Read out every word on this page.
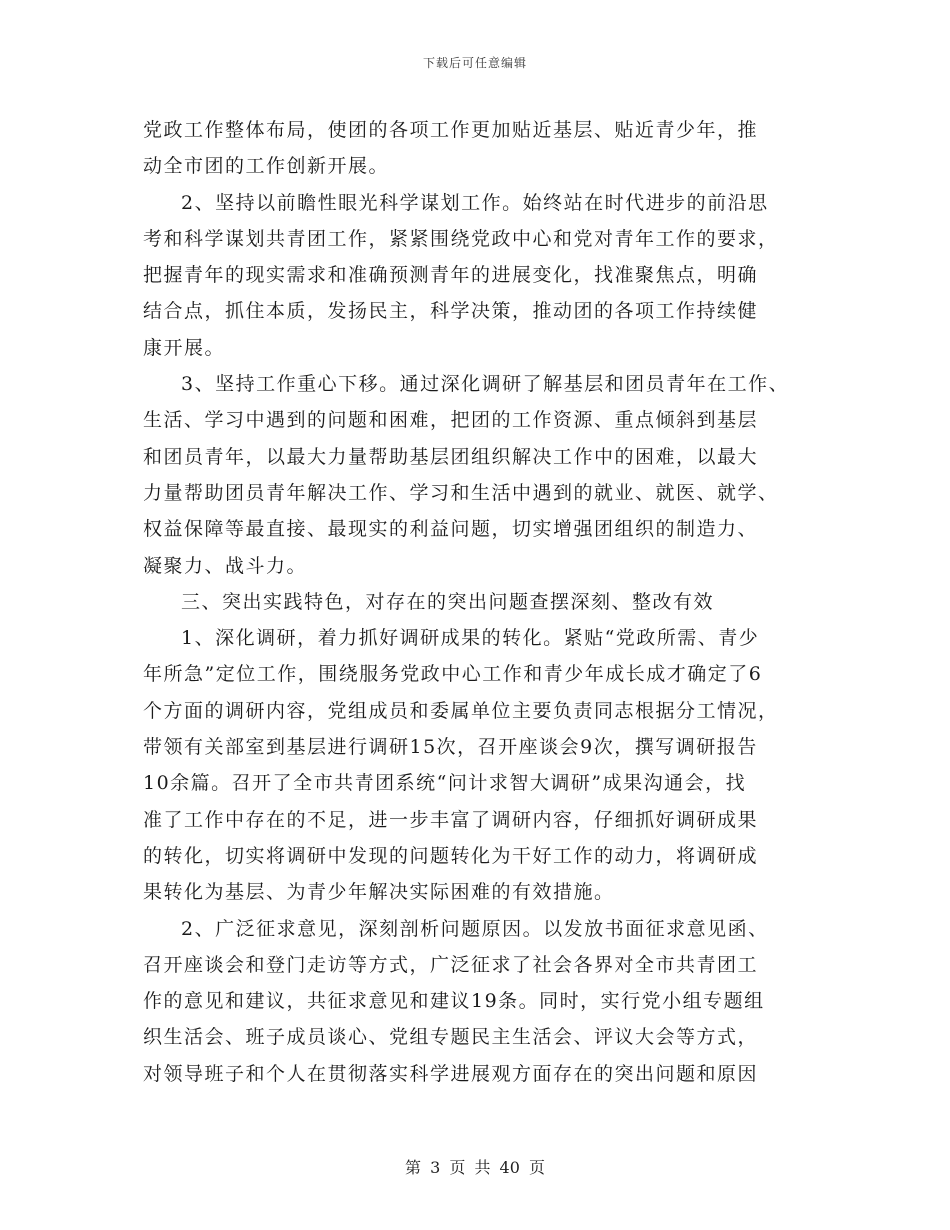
下载后可任意编辑
党政工作整体布局，使团的各项工作更加贴近基层、贴近青少年，推
动全市团的工作创新开展。
2、坚持以前瞻性眼光科学谋划工作。始终站在时代进步的前沿思
考和科学谋划共青团工作，紧紧围绕党政中心和党对青年工作的要求，
把握青年的现实需求和准确预测青年的进展变化，找准聚焦点，明确
结合点，抓住本质，发扬民主，科学决策，推动团的各项工作持续健
康开展。
3、坚持工作重心下移。通过深化调研了解基层和团员青年在工作、
生活、学习中遇到的问题和困难，把团的工作资源、重点倾斜到基层
和团员青年，以最大力量帮助基层团组织解决工作中的困难，以最大
力量帮助团员青年解决工作、学习和生活中遇到的就业、就医、就学、
权益保障等最直接、最现实的利益问题，切实增强团组织的制造力、
凝聚力、战斗力。
三、突出实践特色，对存在的突出问题查摆深刻、整改有效
1、深化调研，着力抓好调研成果的转化。紧贴“党政所需、青少
年所急”定位工作，围绕服务党政中心工作和青少年成长成才确定了6
个方面的调研内容，党组成员和委属单位主要负责同志根据分工情况，
带领有关部室到基层进行调研15次，召开座谈会9次，撰写调研报告
10余篇。召开了全市共青团系统“问计求智大调研”成果沟通会，找
准了工作中存在的不足，进一步丰富了调研内容，仔细抓好调研成果
的转化，切实将调研中发现的问题转化为干好工作的动力，将调研成
果转化为基层、为青少年解决实际困难的有效措施。
2、广泛征求意见，深刻剖析问题原因。以发放书面征求意见函、
召开座谈会和登门走访等方式，广泛征求了社会各界对全市共青团工
作的意见和建议，共征求意见和建议19条。同时，实行党小组专题组
织生活会、班子成员谈心、党组专题民主生活会、评议大会等方式，
对领导班子和个人在贯彻落实科学进展观方面存在的突出问题和原因
第 3 页 共 40 页
